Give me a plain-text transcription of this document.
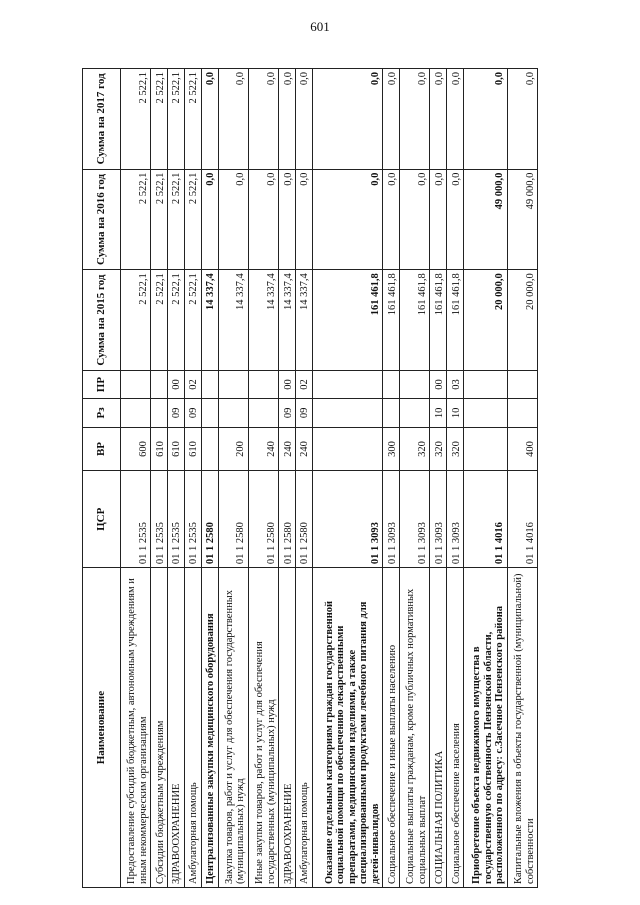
601
Наименование	ЦСР	ВР	Рз	ПР	Сумма на 2015 год	Сумма на 2016 год	Сумма на 2017 год
Предоставление субсидий бюджетным, автономным учреждениям и иным некоммерческим организациям	01 1 2535	600			2 522,1	2 522,1	2 522,1
Субсидии бюджетным учреждениям	01 1 2535	610			2 522,1	2 522,1	2 522,1
ЗДРАВООХРАНЕНИЕ	01 1 2535	610	09	00	2 522,1	2 522,1	2 522,1
Амбулаторная помощь	01 1 2535	610	09	02	2 522,1	2 522,1	2 522,1
Централизованные закупки медицинского оборудования	01 1 2580				14 337,4	0,0	0,0
Закупка товаров, работ и услуг для обеспечения государственных (муниципальных) нужд	01 1 2580	200			14 337,4	0,0	0,0
Иные закупки товаров, работ и услуг для обеспечения государственных (муниципальных) нужд	01 1 2580	240			14 337,4	0,0	0,0
ЗДРАВООХРАНЕНИЕ	01 1 2580	240	09	00	14 337,4	0,0	0,0
Амбулаторная помощь	01 1 2580	240	09	02	14 337,4	0,0	0,0
Оказание отдельным категориям граждан государственной социальной помощи по обеспечению лекарственными препаратами, медицинскими изделиями, а также специализированными продуктами лечебного питания для детей-инвалидов	01 1 3093				161 461,8	0,0	0,0
Социальное обеспечение и иные выплаты населению	01 1 3093	300			161 461,8	0,0	0,0
Социальные выплаты гражданам, кроме публичных нормативных социальных выплат	01 1 3093	320			161 461,8	0,0	0,0
СОЦИАЛЬНАЯ ПОЛИТИКА	01 1 3093	320	10	00	161 461,8	0,0	0,0
Социальное обеспечение населения	01 1 3093	320	10	03	161 461,8	0,0	0,0
Приобретение объекта недвижимого имущества в государственную собственность Пензенской области, расположенного по адресу: с.Засечное Пензенского района	01 1 4016				20 000,0	49 000,0	0,0
Капитальные вложения в объекты государственной (муниципальной) собственности	01 1 4016	400			20 000,0	49 000,0	0,0
